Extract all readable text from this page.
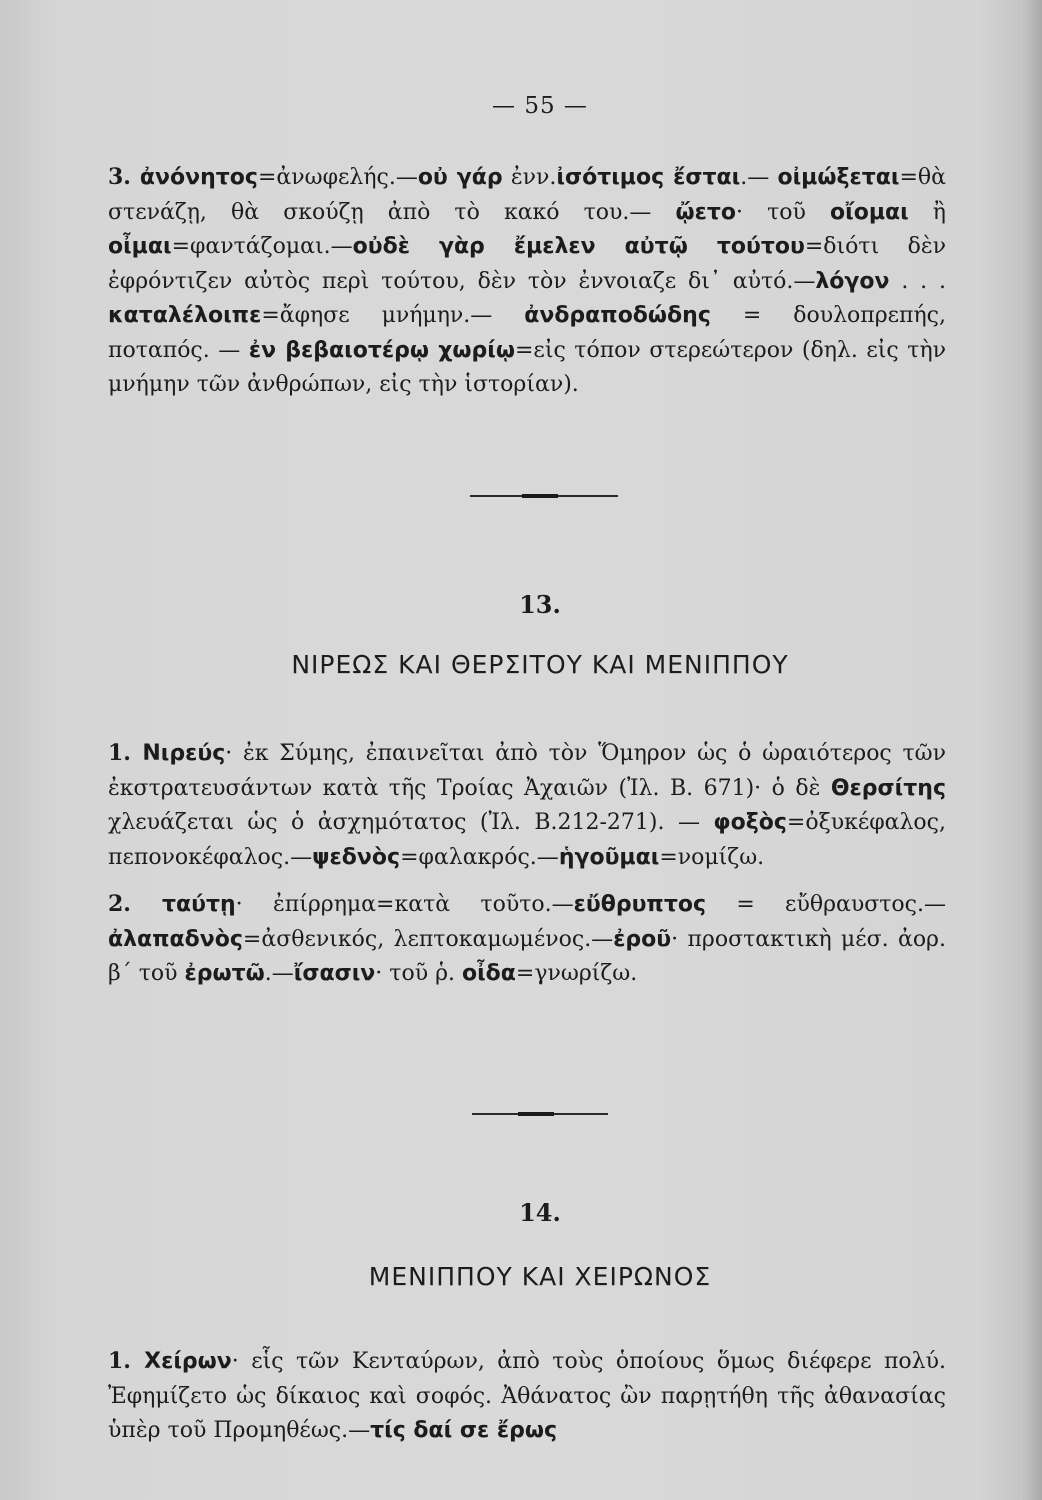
— 55 —

3. ἀνόνητος=ἀνωφελής.—οὐ γάρ ἐνν.ἰσότιμος ἔσται.— οἰμώξεται=θὰ στενάζῃ, θὰ σκούζῃ ἀπὸ τὸ κακό του.— ᾤετο· τοῦ οἴομαι ἢ οἶμαι=φαντάζομαι.—οὐδὲ γὰρ ἔμελεν αὐτῷ τούτου=διότι δὲν ἐφρόντιζεν αὐτὸς περὶ τούτου, δὲν τὸν ἐνvοιαζε δι᾽ αὐτό.—λόγον . . . καταλέλοιπε=ἄφησε μνήμην.— ἀνδραποδώδης = δουλοπρεπής, ποταπός. — ἐν βεβαιοτέρῳ χωρίῳ=εἰς τόπον στερεώτερον (δηλ. εἰς τὴν μνήμην τῶν ἀνθρώπων, εἰς τὴν ἱστορίαν).

13.
ΝΙΡΕΩΣ ΚΑΙ ΘΕΡΣΙΤΟΥ ΚΑΙ ΜΕΝΙΠΠΟΥ

1. Νιρεύς· ἐκ Σύμης, ἐπαινεῖται ἀπὸ τὸν Ὅμηρον ὡς ὁ ὡραιότερος τῶν ἐκστρατευσάντων κατὰ τῆς Τροίας Ἀχαιῶν (Ἰλ. Β. 671)· ὁ δὲ Θερσίτης χλευάζεται ὡς ὁ ἀσχημότατος (Ἰλ. Β.212-271). — φοξὸς=ὀξυκέφαλος, πεπονοκέφαλος.—ψεδνὸς=φαλακρός.—ἡγοῦμαι=νομίζω.

2. ταύτῃ· ἐπίρρημα=κατὰ τοῦτο.—εὔθρυπτος = εὔθραυστος.—ἀλαπαδνὸς=ἀσθενικός, λεπτοκαμωμένος.—ἐροῦ· προστακτικὴ μέσ. ἀορ. β΄ τοῦ ἐρωτῶ.—ἴσασιν· τοῦ ῥ. οἶδα=γνωρίζω.

14.
ΜΕΝΙΠΠΟΥ ΚΑΙ ΧΕΙΡΩΝΟΣ

1. Χείρων· εἷς τῶν Κενταύρων, ἀπὸ τοὺς ὁποίους ὅμως διέφερε πολύ. Ἐφημίζετο ὡς δίκαιος καὶ σοφός. Ἀθάνατος ὢν παρῃτήθη τῆς ἀθανασίας ὑπὲρ τοῦ Προμηθέως.—τίς δαί σε ἔρως
